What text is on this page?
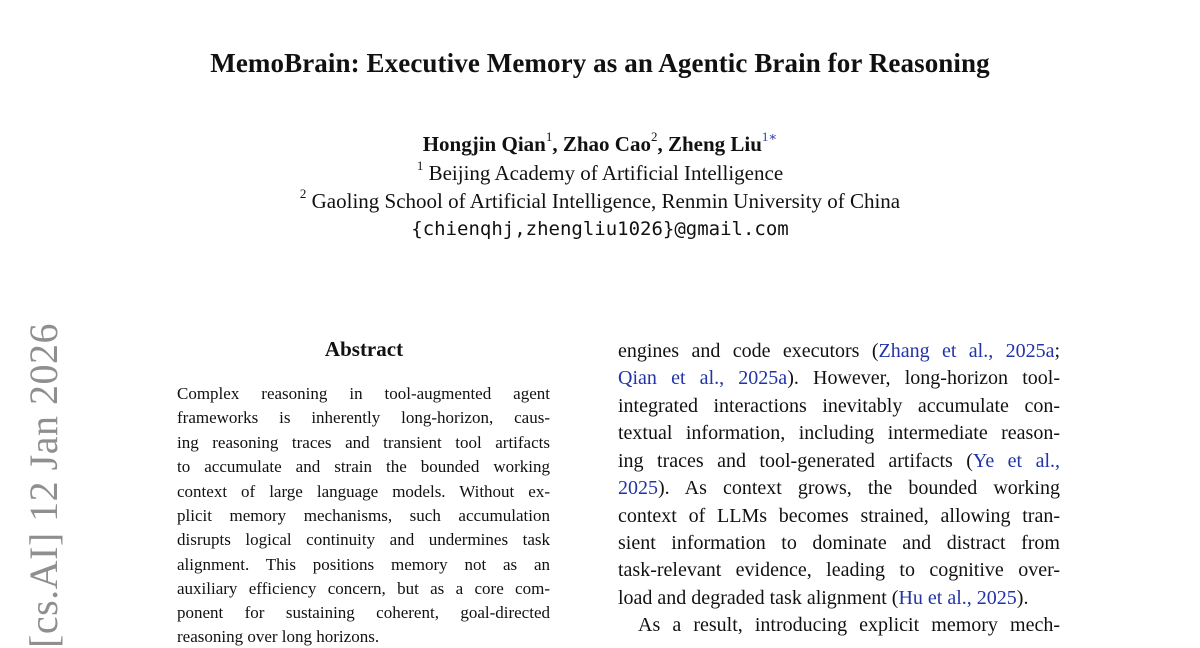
MemoBrain: Executive Memory as an Agentic Brain for Reasoning
Hongjin Qian$^1$, Zhao Cao$^2$, Zheng Liu$^{1∗}$
$^1$ Beijing Academy of Artificial Intelligence
$^2$ Gaoling School of Artificial Intelligence, Renmin University of China
{chienqhj,zhengliu1026}@gmail.com
[cs.AI] 12 Jan 2026	Abstract
Complex reasoning in tool-augmented agent
frameworks is inherently long-horizon, caus-
ing reasoning traces and transient tool artifacts
to accumulate and strain the bounded working
context of large language models. Without ex-
plicit memory mechanisms, such accumulation
disrupts logical continuity and undermines task
alignment. This positions memory not as an
auxiliary efficiency concern, but as a core com-
ponent for sustaining coherent, goal-directed
reasoning over long horizons.
engines and code executors (Zhang et al., 2025a;
Qian et al., 2025a). However, long-horizon tool-
integrated interactions inevitably accumulate con-
textual information, including intermediate reason-
ing traces and tool-generated artifacts (Ye et al.,
2025). As context grows, the bounded working
context of LLMs becomes strained, allowing tran-
sient information to dominate and distract from
task-relevant evidence, leading to cognitive over-
load and degraded task alignment (Hu et al., 2025).
As a result, introducing explicit memory mech-
